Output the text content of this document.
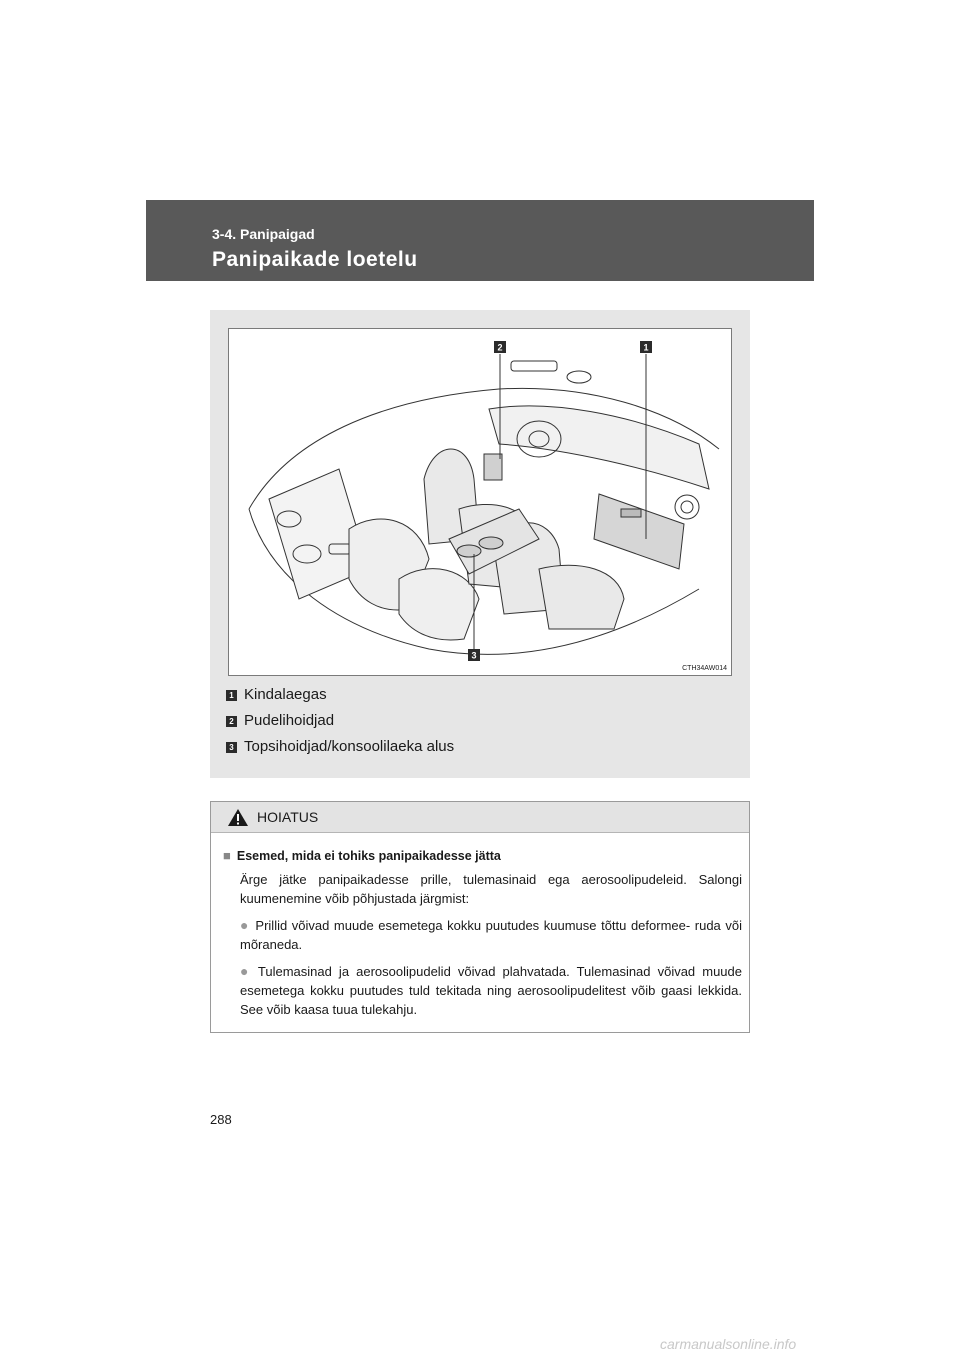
3-4. Panipaigad
Panipaikade loetelu
2	1
3
CTH34AW014
1 Kindalaegas
2 Pudelihoidjad
3 Topsihoidjad/konsoolilaeka alus
HOIATUS
■ Esemed, mida ei tohiks panipaikadesse jätta
Ärge jätke panipaikadesse prille, tulemasinaid ega aerosoolipudeleid. Salongi kuumenemine võib põhjustada järgmist:
● Prillid võivad muude esemetega kokku puutudes kuumuse tõttu deformee- ruda või mõraneda.
● Tulemasinad ja aerosoolipudelid võivad plahvatada. Tulemasinad võivad muude esemetega kokku puutudes tuld tekitada ning aerosoolipudelitest võib gaasi lekkida. See võib kaasa tuua tulekahju.
288
carmanualsonline.info
